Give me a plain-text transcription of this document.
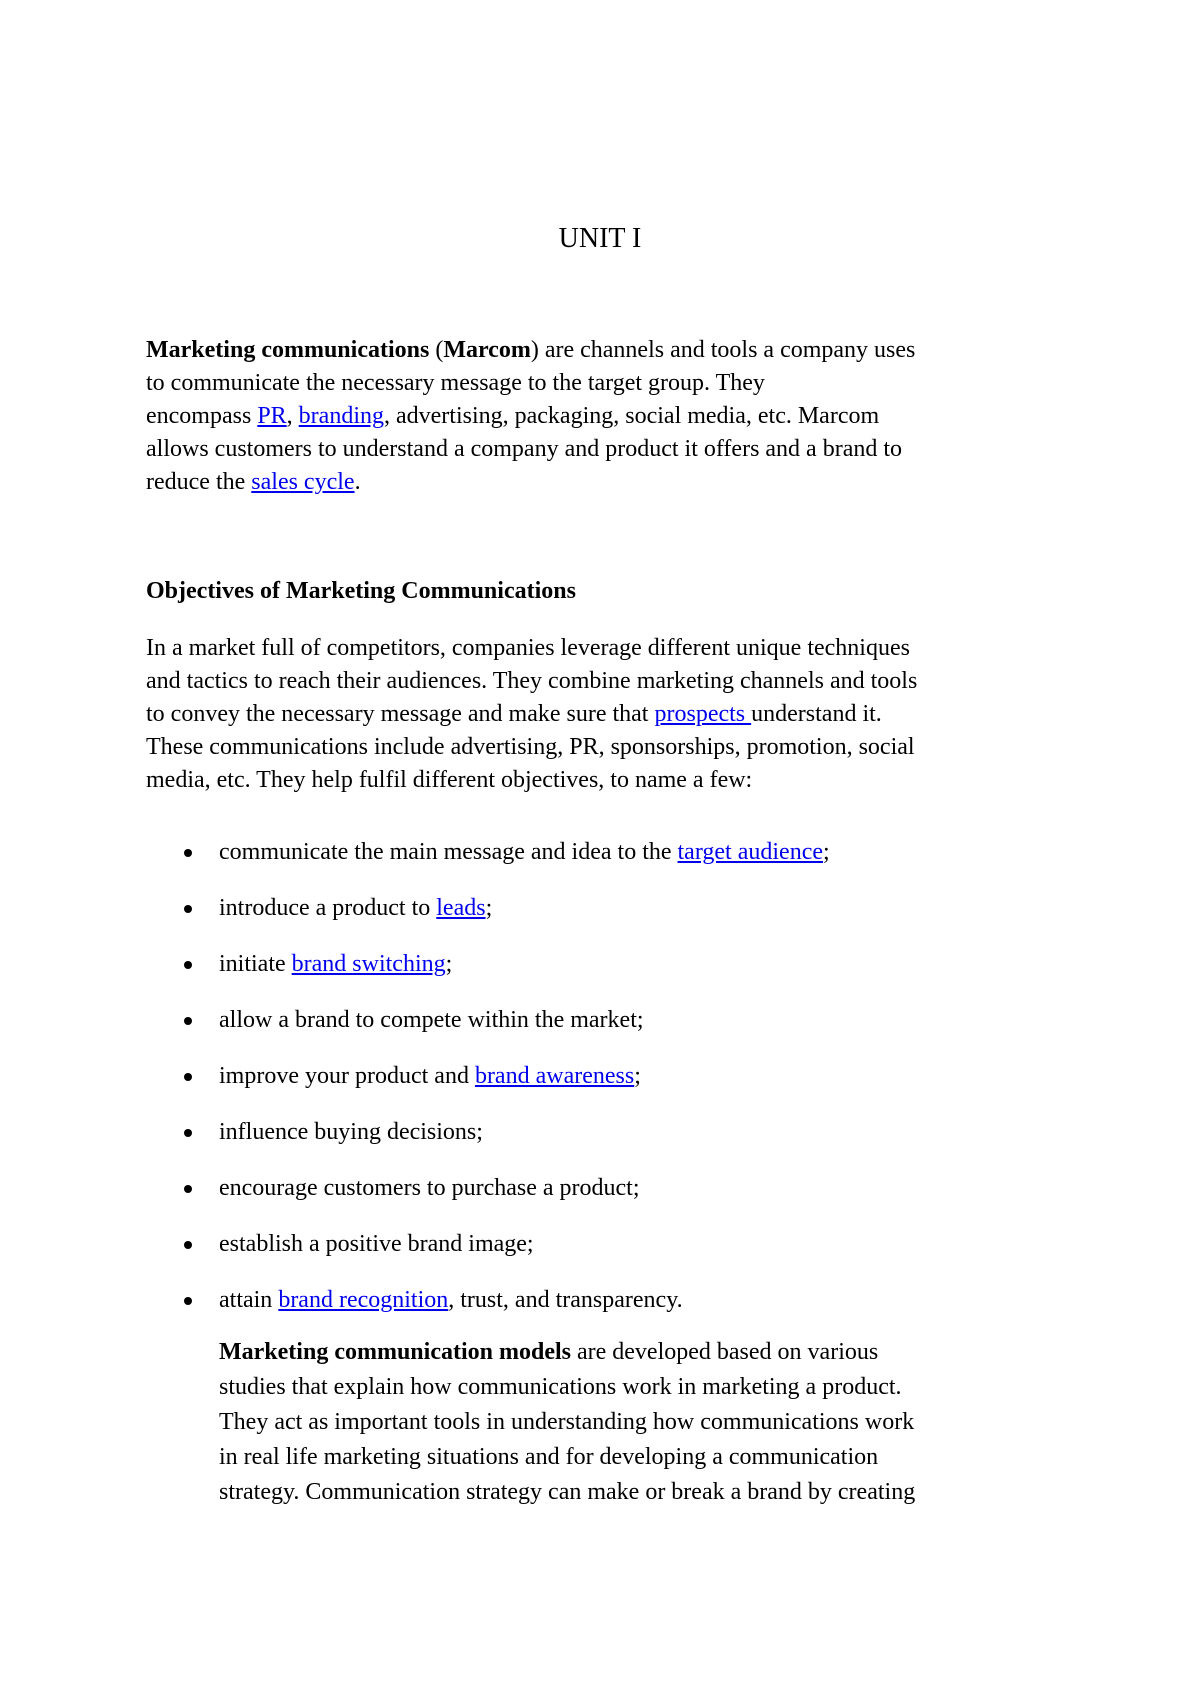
UNIT I
Marketing communications (Marcom) are channels and tools a company uses
to communicate the necessary message to the target group. They
encompass PR, branding, advertising, packaging, social media, etc. Marcom
allows customers to understand a company and product it offers and a brand to
reduce the sales cycle.
Objectives of Marketing Communications
In a market full of competitors, companies leverage different unique techniques
and tactics to reach their audiences. They combine marketing channels and tools
to convey the necessary message and make sure that prospects understand it.
These communications include advertising, PR, sponsorships, promotion, social
media, etc. They help fulfil different objectives, to name a few:
communicate the main message and idea to the target audience;
introduce a product to leads;
initiate brand switching;
allow a brand to compete within the market;
improve your product and brand awareness;
influence buying decisions;
encourage customers to purchase a product;
establish a positive brand image;
attain brand recognition, trust, and transparency.
Marketing communication models are developed based on various
studies that explain how communications work in marketing a product.
They act as important tools in understanding how communications work
in real life marketing situations and for developing a communication
strategy. Communication strategy can make or break a brand by creating
